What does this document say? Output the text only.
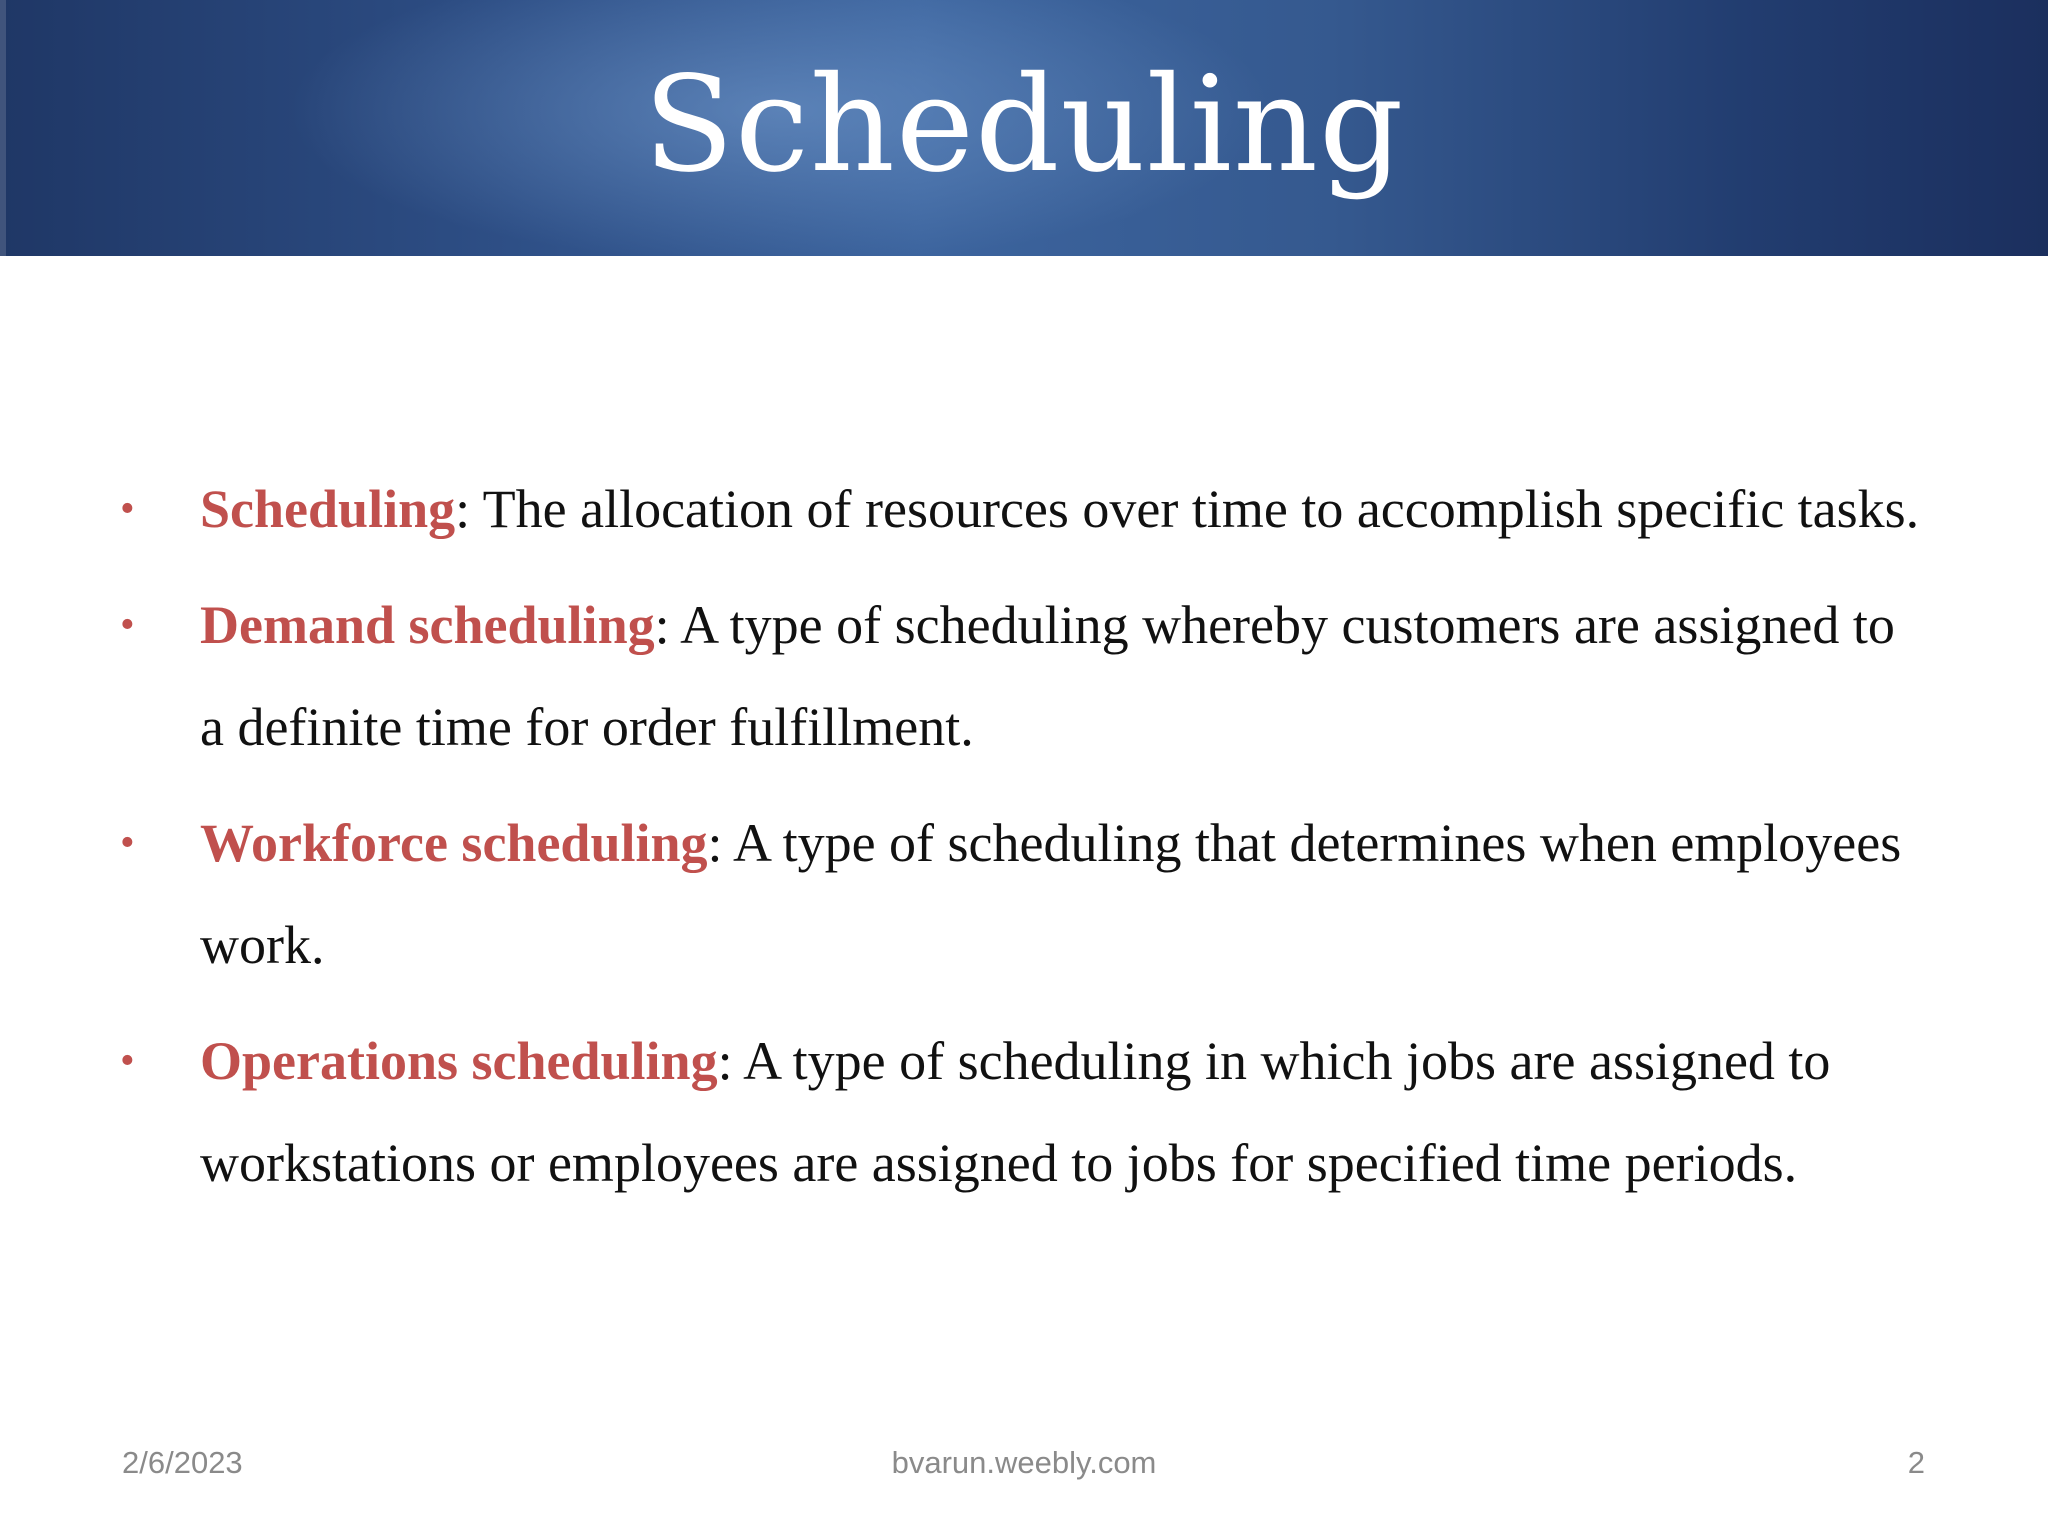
Scheduling
• Scheduling: The allocation of resources over time to accomplish specific tasks.
• Demand scheduling: A type of scheduling whereby customers are assigned to a definite time for order fulfillment.
• Workforce scheduling: A type of scheduling that determines when employees work.
• Operations scheduling: A type of scheduling in which jobs are assigned to workstations or employees are assigned to jobs for specified time periods.
2/6/2023	bvarun.weebly.com	2
